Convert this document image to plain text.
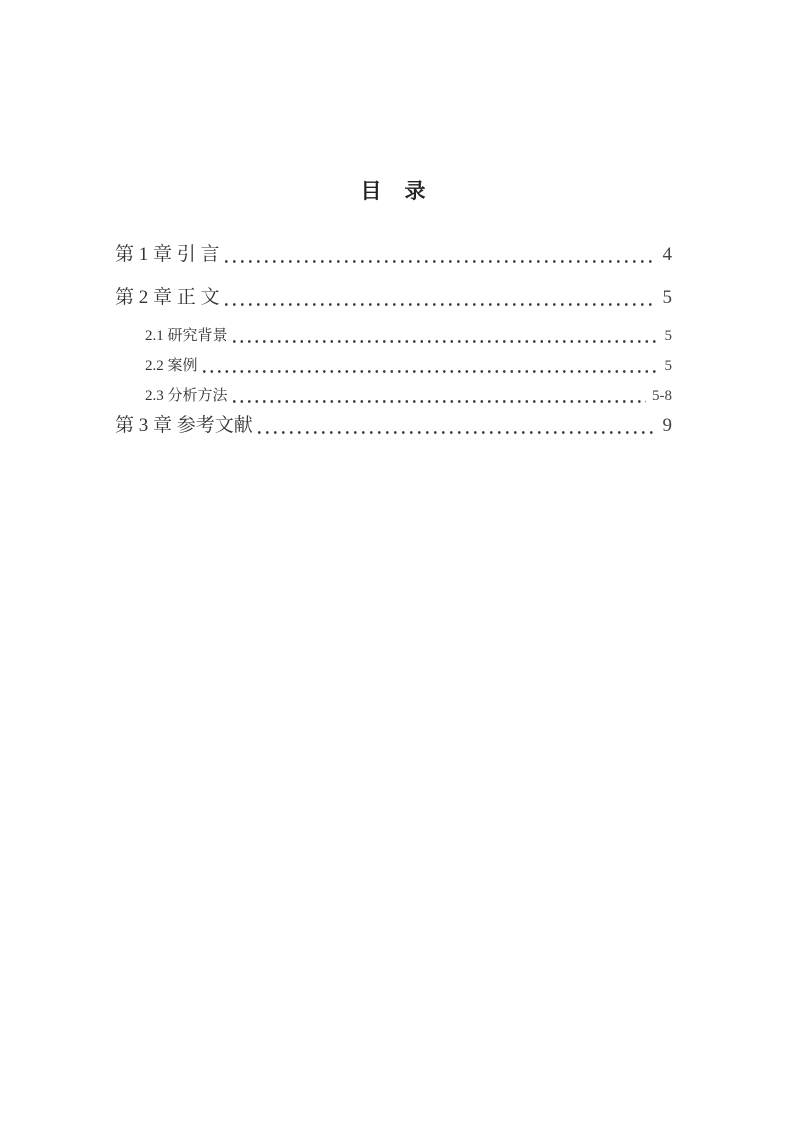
目　录
第 1 章 引 言	4
第 2 章 正 文	5
2.1 研究背景	5
2.2 案例	5
2.3 分析方法	5-8
第 3 章 参考文献	9
